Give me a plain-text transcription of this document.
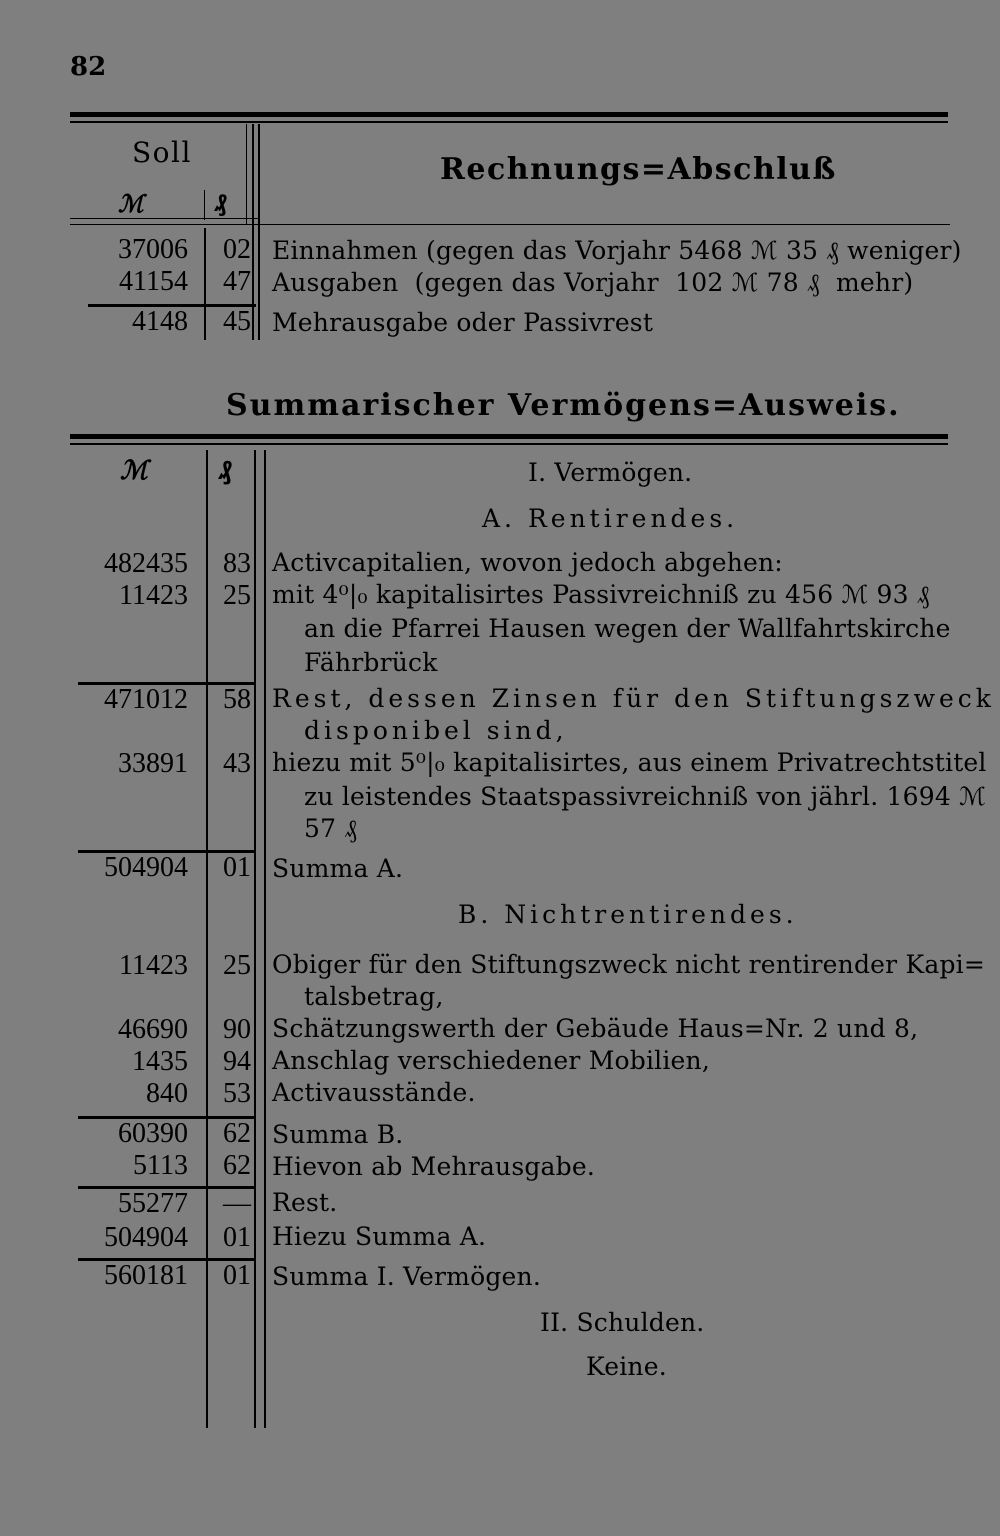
82
Soll	Rechnungs=Abschluß
ℳ	₰
37006	02 Einnahmen (gegen das Vorjahr 5468 ℳ 35 ₰ weniger)
41154	47 Ausgaben  (gegen das Vorjahr  102 ℳ 78 ₰  mehr)
4148	45 Mehrausgabe oder Passivrest
Summarischer Vermögens=Ausweis.
ℳ	₰	I. Vermögen.
A. Rentirendes.
482435	83 Activcapitalien, wovon jedoch abgehen:
11423	25 mit 4⁰|₀ kapitalisirtes Passivreichniß zu 456 ℳ 93 ₰
an die Pfarrei Hausen wegen der Wallfahrtskirche
Fährbrück
471012	58 Rest, dessen Zinsen für den Stiftungszweck
disponibel sind,
33891	43 hiezu mit 5⁰|₀ kapitalisirtes, aus einem Privatrechtstitel
zu leistendes Staatspassivreichniß von jährl. 1694 ℳ
57 ₰
504904	01 Summa A.
B. Nichtrentirendes.
11423	25 Obiger für den Stiftungszweck nicht rentirender Kapi=
talsbetrag,
46690	90 Schätzungswerth der Gebäude Haus=Nr. 2 und 8,
1435	94 Anschlag verschiedener Mobilien,
840	53 Activausstände.
60390	62 Summa B.
5113	62 Hievon ab Mehrausgabe.
55277	— Rest.
504904	01 Hiezu Summa A.
560181	01 Summa I. Vermögen.
II. Schulden.
Keine.
